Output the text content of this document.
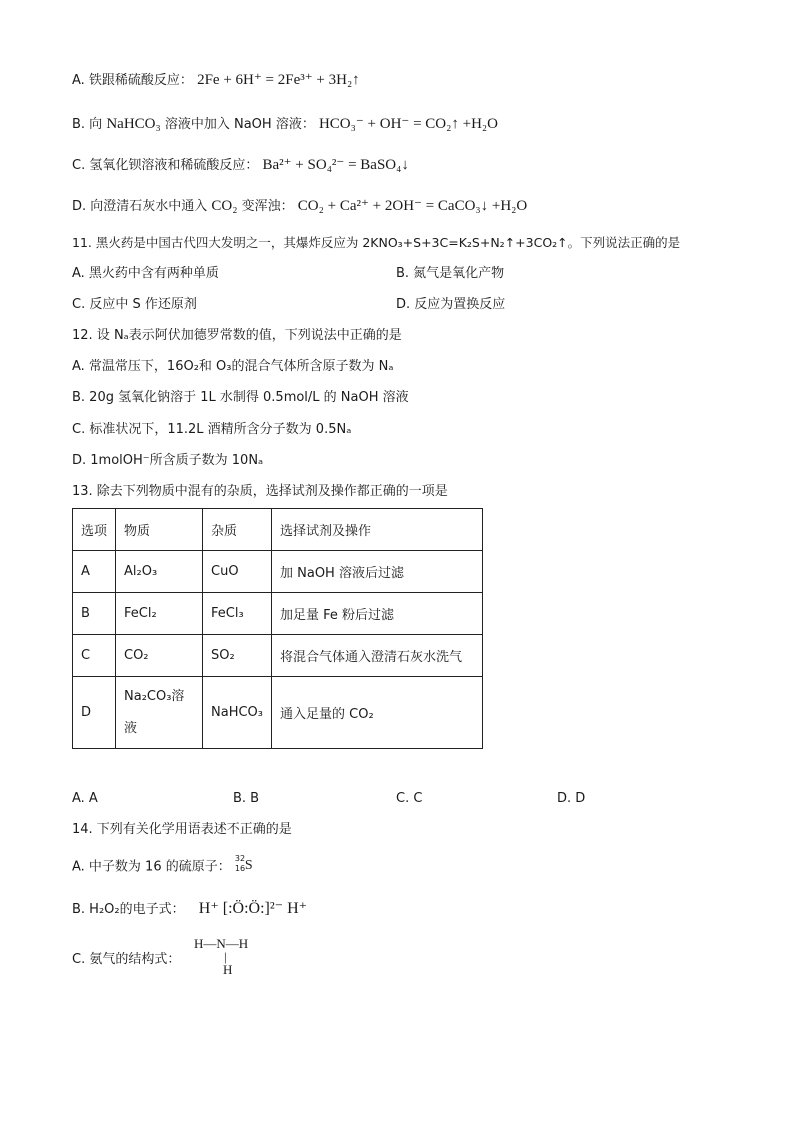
A. 铁跟稀硫酸反应： 2Fe + 6H⁺ = 2Fe³⁺ + 3H₂↑
B. 向 NaHCO₃ 溶液中加入 NaOH 溶液： HCO₃⁻ + OH⁻ = CO₂↑ +H₂O
C. 氢氧化钡溶液和稀硫酸反应： Ba²⁺ + SO₄²⁻ = BaSO₄↓
D. 向澄清石灰水中通入 CO₂ 变浑浊： CO₂ + Ca²⁺ + 2OH⁻ = CaCO₃↓ +H₂O
11. 黑火药是中国古代四大发明之一，其爆炸反应为 2KNO₃+S+3C=K₂S+N₂↑+3CO₂↑。下列说法正确的是
A. 黑火药中含有两种单质	B. 氮气是氧化产物
C. 反应中 S 作还原剂	D. 反应为置换反应
12. 设 Nₐ表示阿伏加德罗常数的值，下列说法中正确的是
A. 常温常压下，16O₂和 O₃的混合气体所含原子数为 Nₐ
B. 20g 氢氧化钠溶于 1L 水制得 0.5mol/L 的 NaOH 溶液
C. 标准状况下，11.2L 酒精所含分子数为 0.5Nₐ
D. 1molOH⁻所含质子数为 10Nₐ
13. 除去下列物质中混有的杂质，选择试剂及操作都正确的一项是
选项	物质	杂质	选择试剂及操作
A	Al₂O₃	CuO	加 NaOH 溶液后过滤
B	FeCl₂	FeCl₃	加足量 Fe 粉后过滤
C	CO₂	SO₂	将混合气体通入澄清石灰水洗气
D	Na₂CO₃溶液	NaHCO₃	通入足量的 CO₂
A. A	B. B	C. C	D. D
14. 下列有关化学用语表述不正确的是
A. 中子数为 16 的硫原子：
32
16 S
B. H₂O₂的电子式： H⁺ [:Ö:Ö:]²⁻ H⁺
C. 氨气的结构式：
H—N—H
|
H
